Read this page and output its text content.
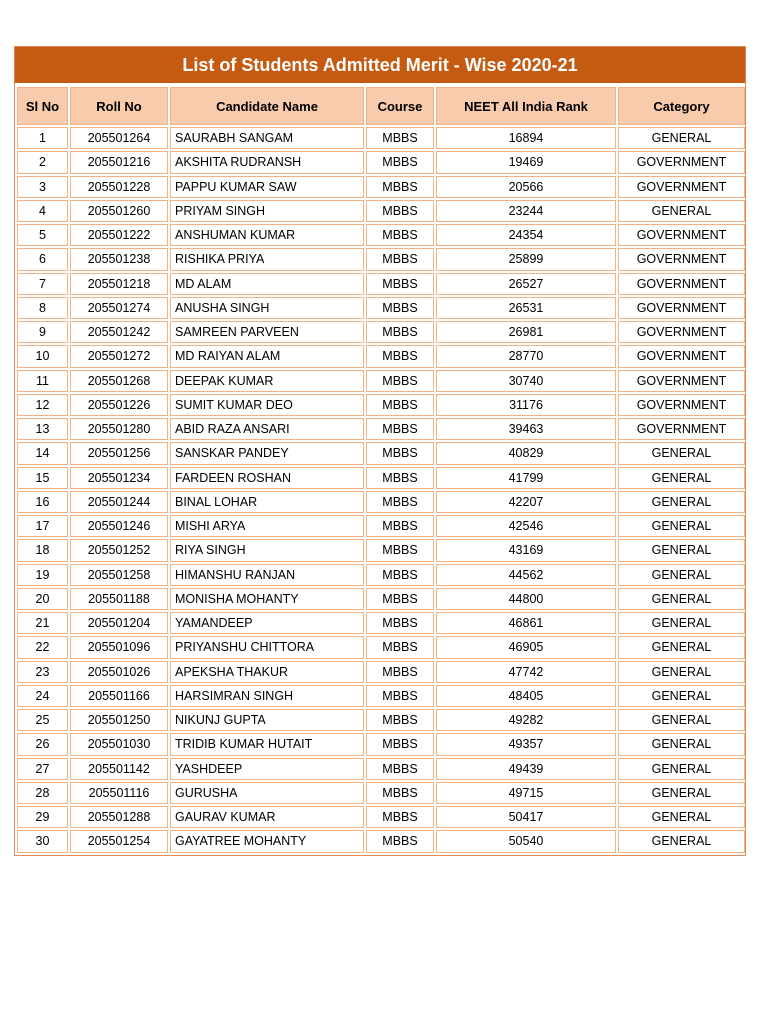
List of Students Admitted Merit - Wise 2020-21
Sl No	Roll No	Candidate Name	Course	NEET All India Rank	Category
1	205501264	SAURABH SANGAM	MBBS	16894	GENERAL
2	205501216	AKSHITA RUDRANSH	MBBS	19469	GOVERNMENT
3	205501228	PAPPU KUMAR SAW	MBBS	20566	GOVERNMENT
4	205501260	PRIYAM SINGH	MBBS	23244	GENERAL
5	205501222	ANSHUMAN KUMAR	MBBS	24354	GOVERNMENT
6	205501238	RISHIKA PRIYA	MBBS	25899	GOVERNMENT
7	205501218	MD ALAM	MBBS	26527	GOVERNMENT
8	205501274	ANUSHA SINGH	MBBS	26531	GOVERNMENT
9	205501242	SAMREEN PARVEEN	MBBS	26981	GOVERNMENT
10	205501272	MD RAIYAN ALAM	MBBS	28770	GOVERNMENT
11	205501268	DEEPAK KUMAR	MBBS	30740	GOVERNMENT
12	205501226	SUMIT KUMAR DEO	MBBS	31176	GOVERNMENT
13	205501280	ABID RAZA ANSARI	MBBS	39463	GOVERNMENT
14	205501256	SANSKAR PANDEY	MBBS	40829	GENERAL
15	205501234	FARDEEN ROSHAN	MBBS	41799	GENERAL
16	205501244	BINAL LOHAR	MBBS	42207	GENERAL
17	205501246	MISHI ARYA	MBBS	42546	GENERAL
18	205501252	RIYA SINGH	MBBS	43169	GENERAL
19	205501258	HIMANSHU RANJAN	MBBS	44562	GENERAL
20	205501188	MONISHA MOHANTY	MBBS	44800	GENERAL
21	205501204	YAMANDEEP	MBBS	46861	GENERAL
22	205501096	PRIYANSHU CHITTORA	MBBS	46905	GENERAL
23	205501026	APEKSHA THAKUR	MBBS	47742	GENERAL
24	205501166	HARSIMRAN SINGH	MBBS	48405	GENERAL
25	205501250	NIKUNJ GUPTA	MBBS	49282	GENERAL
26	205501030	TRIDIB KUMAR HUTAIT	MBBS	49357	GENERAL
27	205501142	YASHDEEP	MBBS	49439	GENERAL
28	205501116	GURUSHA	MBBS	49715	GENERAL
29	205501288	GAURAV KUMAR	MBBS	50417	GENERAL
30	205501254	GAYATREE MOHANTY	MBBS	50540	GENERAL
